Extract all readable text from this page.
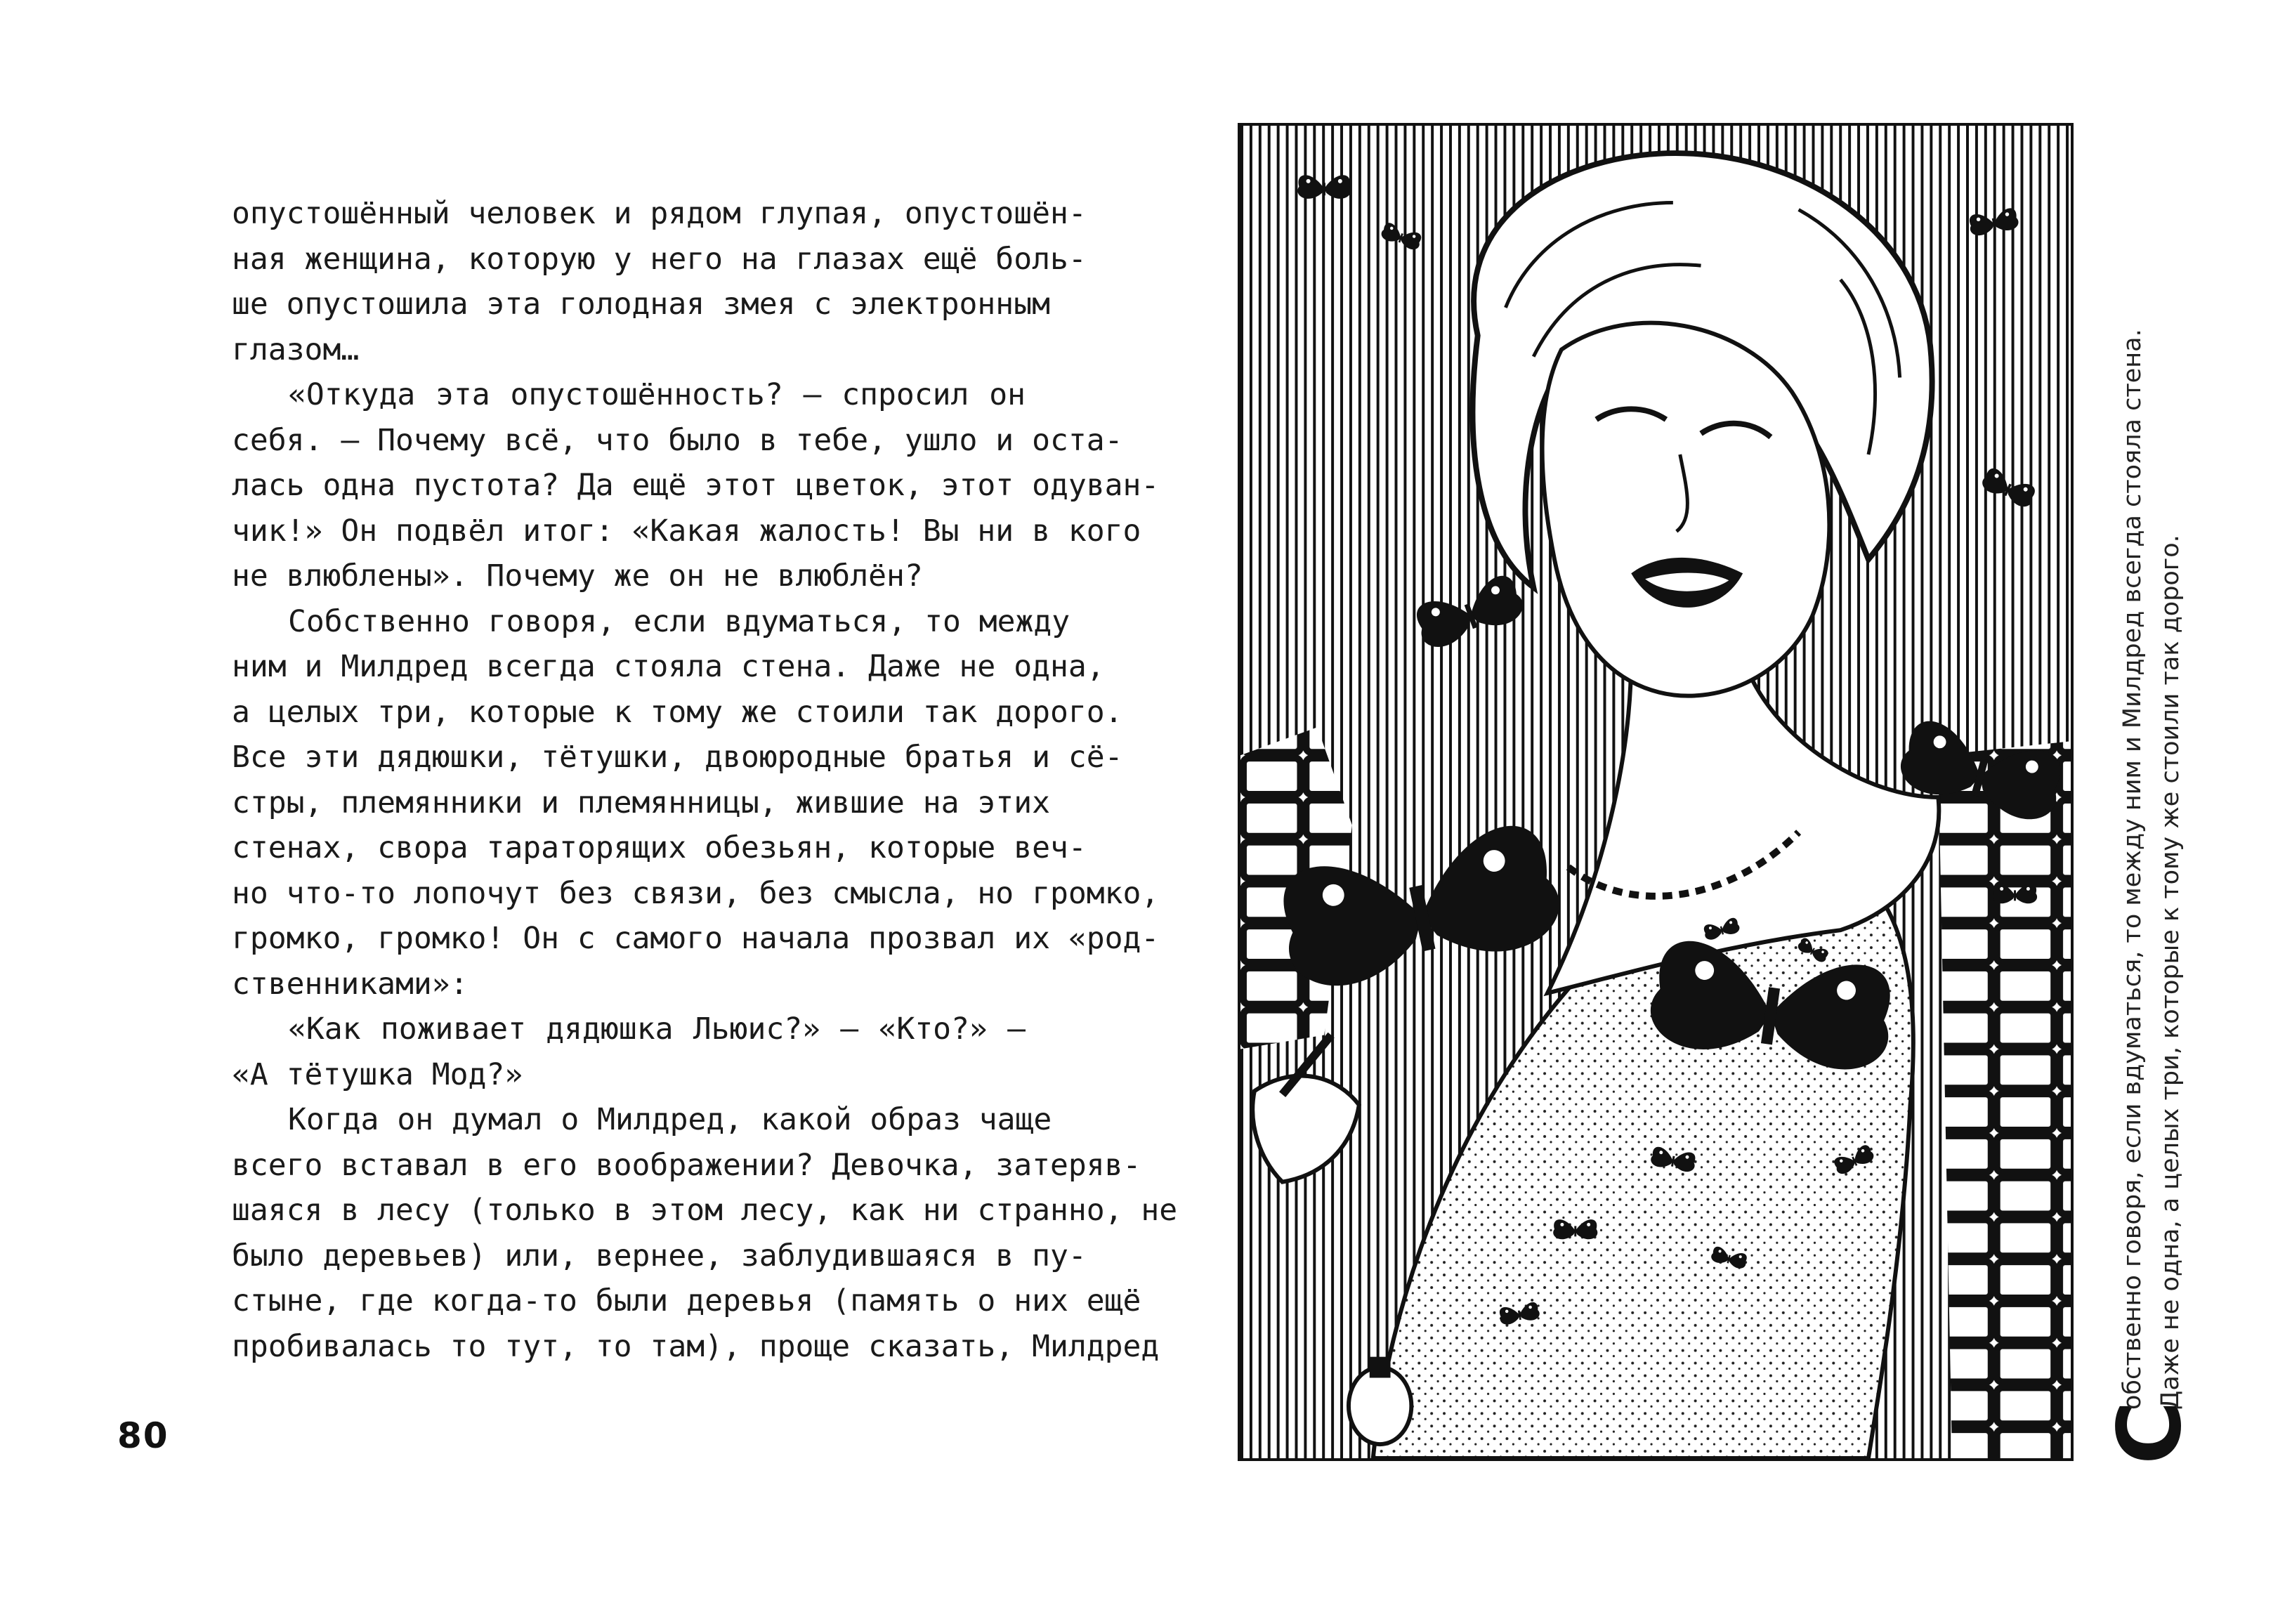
опустошённый человек и рядом глупая, опустошён-
ная женщина, которую у него на глазах ещё боль-
ше опустошила эта голодная змея с электронным
глазом…
«Откуда эта опустошённость? — спросил он
себя. — Почему всё, что было в тебе, ушло и оста-
лась одна пустота? Да ещё этот цветок, этот одуван-
чик!» Он подвёл итог: «Какая жалость! Вы ни в кого
не влюблены». Почему же он не влюблён?
Собственно говоря, если вдуматься, то между
ним и Милдред всегда стояла стена. Даже не одна,
а целых три, которые к тому же стоили так дорого.
Все эти дядюшки, тётушки, двоюродные братья и сё-
стры, племянники и племянницы, жившие на этих
стенах, свора тараторящих обезьян, которые веч-
но что-то лопочут без связи, без смысла, но громко,
громко, громко! Он с самого начала прозвал их «род-
ственниками»:
«Как поживает дядюшка Льюис?» — «Кто?» —
«А тётушка Мод?»
Когда он думал о Милдред, какой образ чаще
всего вставал в его воображении? Девочка, затеряв-
шаяся в лесу (только в этом лесу, как ни странно, не
было деревьев) или, вернее, заблудившаяся в пу-
стыне, где когда-то были деревья (память о них ещё
пробивалась то тут, то там), проще сказать, Милдред
80	С
обственно говоря, если вдуматься, то между ним и Милдред всегда стояла стена. Даже не одна, а целых три, которые к тому же стоили так дорого.
